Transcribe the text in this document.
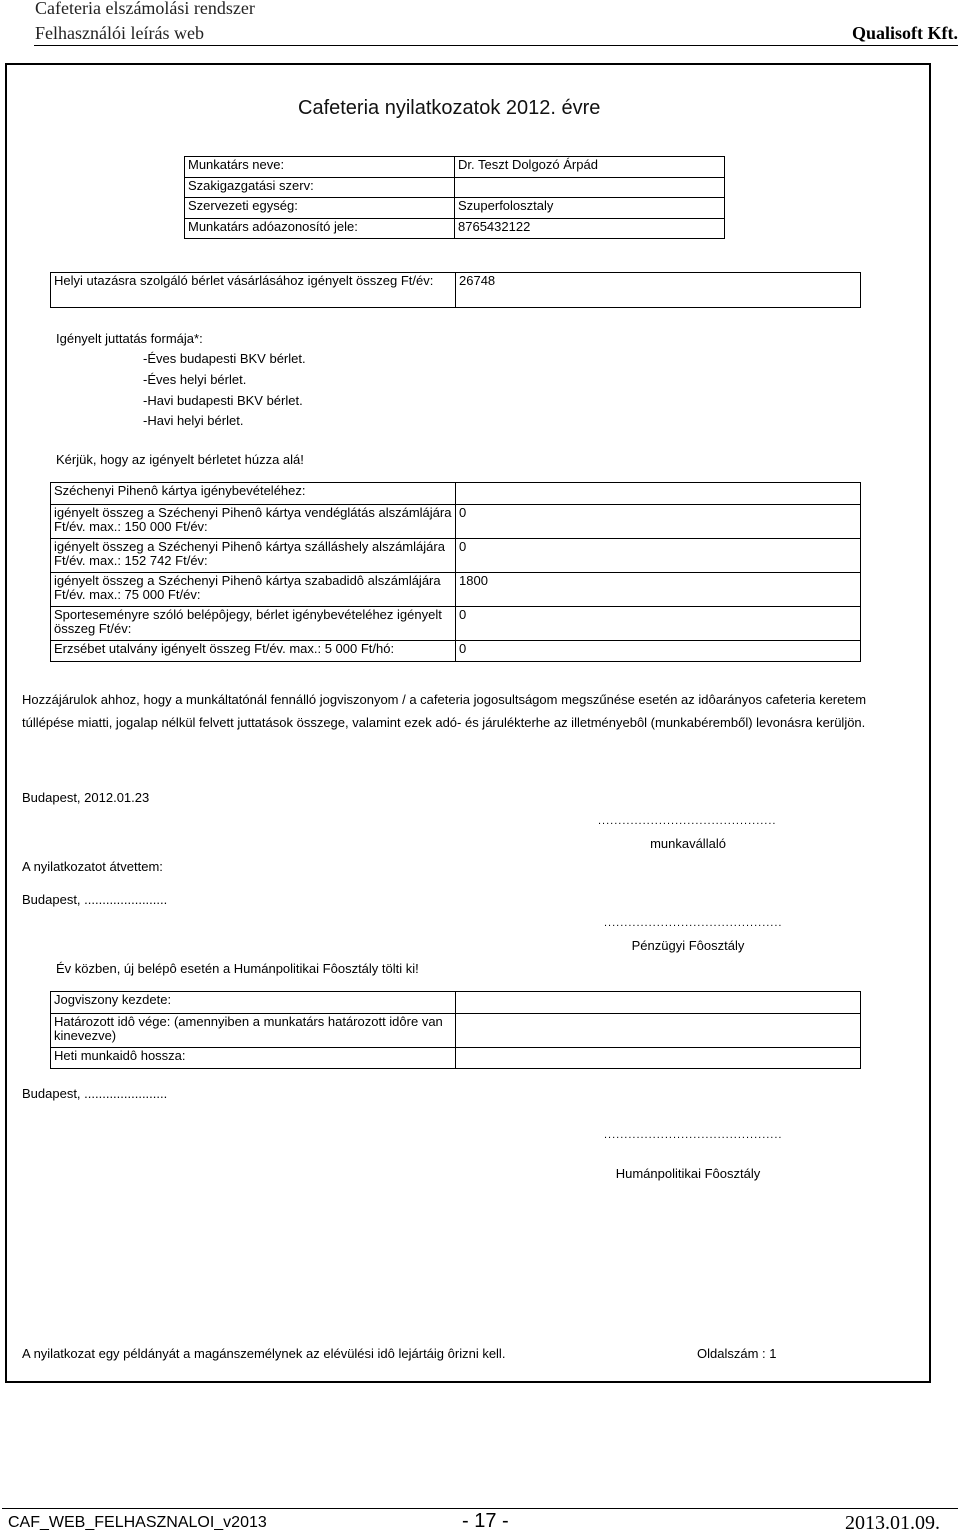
Cafeteria elszámolási rendszer
Felhasználói leírás web	Qualisoft Kft.
Cafeteria nyilatkozatok 2012. évre
Munkatárs neve:	Dr. Teszt Dolgozó Árpád
Szakigazgatási szerv:	
Szervezeti egység:	Szuperfolosztaly
Munkatárs adóazonosító jele:	8765432122
Helyi utazásra szolgáló bérlet vásárlásához igényelt összeg Ft/év:	26748
Igényelt juttatás formája*:
-Éves budapesti BKV bérlet.
-Éves helyi bérlet.
-Havi budapesti BKV bérlet.
-Havi helyi bérlet.
Kérjük, hogy az igényelt bérletet húzza alá!
Széchenyi Pihenô kártya igénybevételéhez:	
igényelt összeg a Széchenyi Pihenô kártya vendéglátás alszámlájára Ft/év. max.: 150 000 Ft/év:	0
igényelt összeg a Széchenyi Pihenô kártya szálláshely alszámlájára Ft/év. max.: 152 742 Ft/év:	0
igényelt összeg a Széchenyi Pihenô kártya szabadidô alszámlájára Ft/év. max.: 75 000 Ft/év:	1800
Sporteseményre szóló belépôjegy, bérlet igénybevételéhez igényelt összeg Ft/év:	0
Erzsébet utalvány igényelt összeg Ft/év. max.: 5 000 Ft/hó:	0
Hozzájárulok ahhoz, hogy a munkáltatónál fennálló jogviszonyom / a cafeteria jogosultságom megszűnése esetén az idôarányos cafeteria keretem túllépése miatti, jogalap nélkül felvett juttatások összege, valamint ezek adó- és járulékterhe az illetményebôl (munkabéremből) levonásra kerüljön.
Budapest, 2012.01.23
............................................
munkavállaló
A nyilatkozatot átvettem:
Budapest, .......................
............................................
Pénzügyi Fôosztály
Év közben, új belépô esetén a Humánpolitikai Fôosztály tölti ki!
Jogviszony kezdete:	
Határozott idô vége: (amennyiben a munkatárs határozott idôre van kinevezve)	
Heti munkaidô hossza:	
Budapest, .......................
............................................
Humánpolitikai Fôosztály
A nyilatkozat egy példányát a magánszemélynek az elévülési idô lejártáig ôrizni kell.	Oldalszám : 1
CAF_WEB_FELHASZNALOI_v2013	- 17 -	2013.01.09.
